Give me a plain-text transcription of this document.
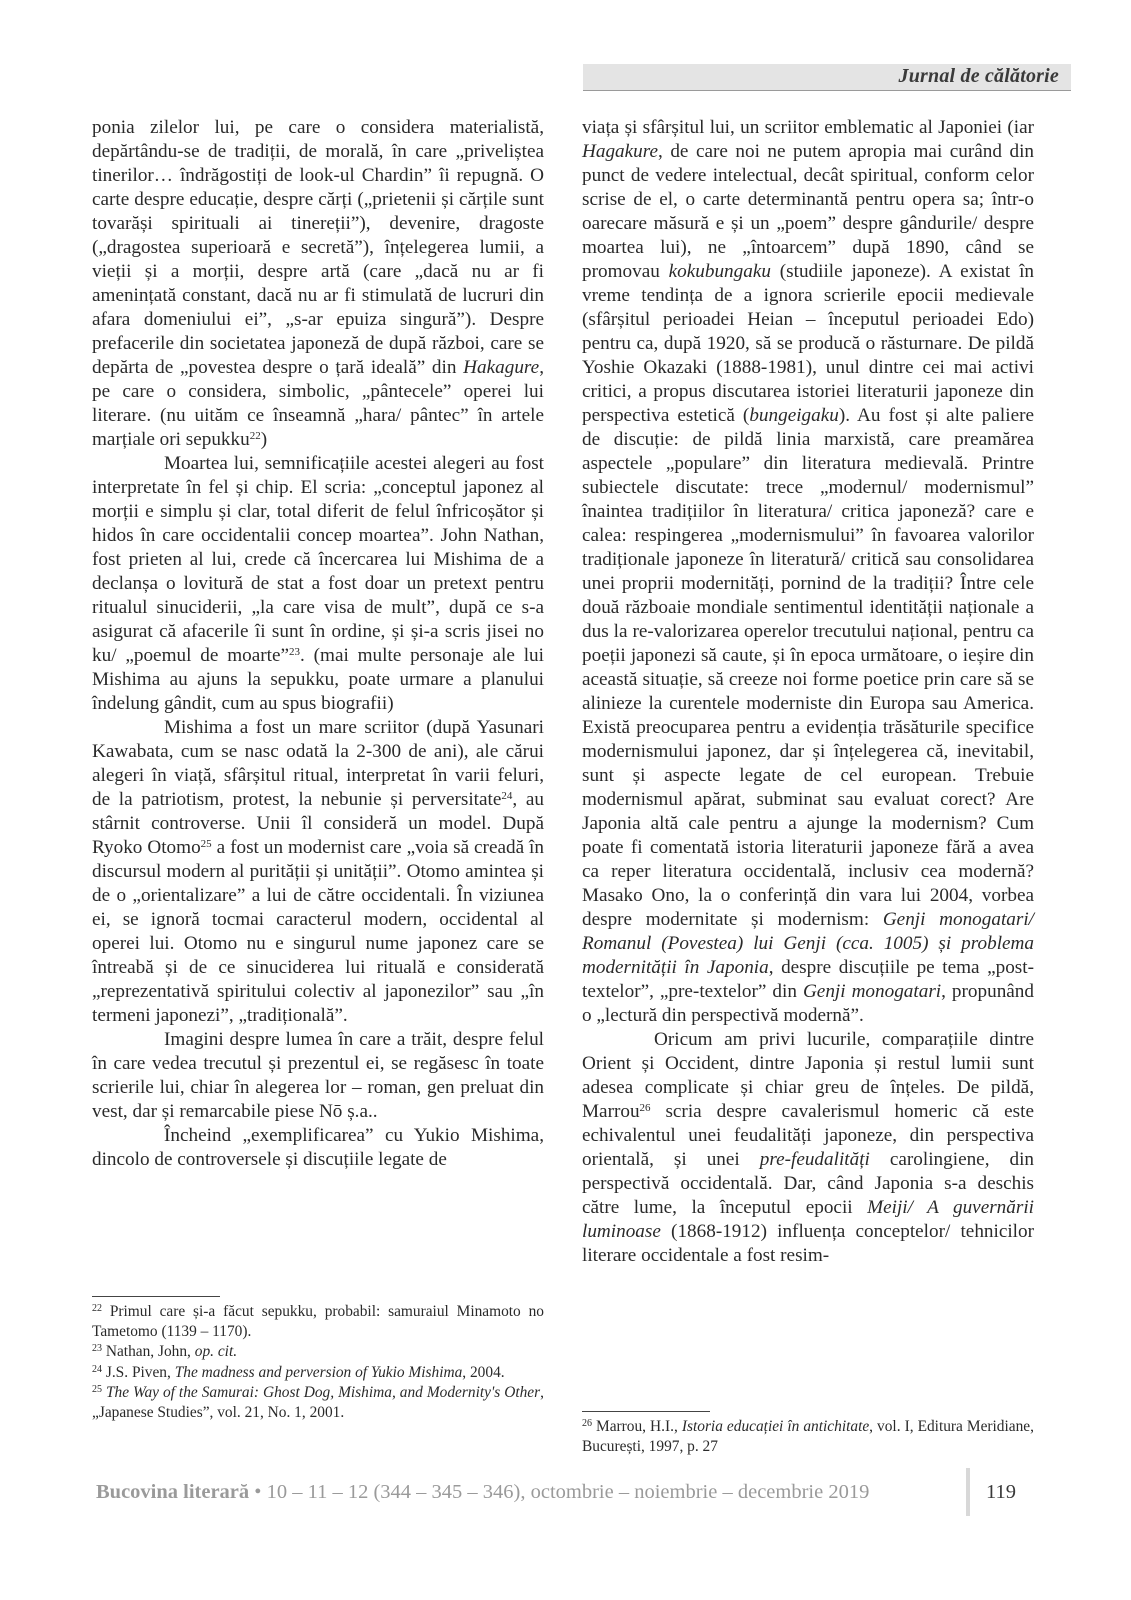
Jurnal de călătorie

ponia zilelor lui, pe care o considera materialistă, depărtându-se de tradiții, de morală, în care „priveliștea tinerilor… îndrăgostiți de look-ul Chardin” îi repugnă. O carte despre educație, despre cărți („prietenii și cărțile sunt tovarăși spirituali ai tinereții”), devenire, dragoste („dragostea superioară e secretă”), înțelegerea lumii, a vieții și a morții, despre artă (care „dacă nu ar fi amenințată constant, dacă nu ar fi stimulată de lucruri din afara domeniului ei”, „s-ar epuiza singură”). Despre prefacerile din societatea japoneză de după război, care se depărta de „povestea despre o țară ideală” din Hakagure, pe care o considera, simbolic, „pântecele” operei lui literare. (nu uităm ce înseamnă „hara/ pântec” în artele marțiale ori sepukku$^{22}$)

Moartea lui, semnificațiile acestei alegeri au fost interpretate în fel și chip. El scria: „conceptul japonez al morții e simplu și clar, total diferit de felul înfricoșător și hidos în care occidentalii concep moartea”. John Nathan, fost prieten al lui, crede că încercarea lui Mishima de a declanșa o lovitură de stat a fost doar un pretext pentru ritualul sinuciderii, „la care visa de mult”, după ce s-a asigurat că afacerile îi sunt în ordine, și și-a scris jisei no ku/ „poemul de moarte”$^{23}$. (mai multe personaje ale lui Mishima au ajuns la sepukku, poate urmare a planului îndelung gândit, cum au spus biografii)

Mishima a fost un mare scriitor (după Yasunari Kawabata, cum se nasc odată la 2-300 de ani), ale cărui alegeri în viață, sfârșitul ritual, interpretat în varii feluri, de la patriotism, protest, la nebunie și perversitate$^{24}$, au stârnit controverse. Unii îl consideră un model. După Ryoko Otomo$^{25}$ a fost un modernist care „voia să creadă în discursul modern al purității și unității”. Otomo amintea și de o „orientalizare” a lui de către occidentali. În viziunea ei, se ignoră tocmai caracterul modern, occidental al operei lui. Otomo nu e singurul nume japonez care se întreabă și de ce sinuciderea lui rituală e considerată „reprezentativă spiritului colectiv al japonezilor” sau „în termeni japonezi”, „tradițională”.

Imagini despre lumea în care a trăit, despre felul în care vedea trecutul și prezentul ei, se regăsesc în toate scrierile lui, chiar în alegerea lor – roman, gen preluat din vest, dar și remarcabile piese Nō ș.a..

Încheind „exemplificarea” cu Yukio Mishima, dincolo de controversele și discuțiile legate de

$^{22}$ Primul care și-a făcut sepukku, probabil: samuraiul Minamoto no Tametomo (1139 – 1170).

$^{23}$ Nathan, John, op. cit.

$^{24}$ J.S. Piven, The madness and perversion of Yukio Mishima, 2004.

$^{25}$ The Way of the Samurai: Ghost Dog, Mishima, and Modernity's Other, „Japanese Studies”, vol. 21, No. 1, 2001.

viața și sfârșitul lui, un scriitor emblematic al Japoniei (iar Hagakure, de care noi ne putem apropia mai curând din punct de vedere intelectual, decât spiritual, conform celor scrise de el, o carte determinantă pentru opera sa; într-o oarecare măsură e și un „poem” despre gândurile/ despre moartea lui), ne „întoarcem” după 1890, când se promovau kokubungaku (studiile japoneze). A existat în vreme tendința de a ignora scrierile epocii medievale (sfârșitul perioadei Heian – începutul perioadei Edo) pentru ca, după 1920, să se producă o răsturnare. De pildă Yoshie Okazaki (1888-1981), unul dintre cei mai activi critici, a propus discutarea istoriei literaturii japoneze din perspectiva estetică (bungeigaku). Au fost și alte paliere de discuție: de pildă linia marxistă, care preamărea aspectele „populare” din literatura medievală. Printre subiectele discutate: trece „modernul/ modernismul” înaintea tradițiilor în literatura/ critica japoneză? care e calea: respingerea „modernismului” în favoarea valorilor tradiționale japoneze în literatură/ critică sau consolidarea unei proprii modernități, pornind de la tradiții? Între cele două războaie mondiale sentimentul identității naționale a dus la re-valorizarea operelor trecutului național, pentru ca poeții japonezi să caute, și în epoca următoare, o ieșire din această situație, să creeze noi forme poetice prin care să se alinieze la curentele moderniste din Europa sau America. Există preocuparea pentru a evidenția trăsăturile specifice modernismului japonez, dar și înțelegerea că, inevitabil, sunt și aspecte legate de cel european. Trebuie modernismul apărat, subminat sau evaluat corect? Are Japonia altă cale pentru a ajunge la modernism? Cum poate fi comentată istoria literaturii japoneze fără a avea ca reper literatura occidentală, inclusiv cea modernă? Masako Ono, la o conferință din vara lui 2004, vorbea despre modernitate și modernism: Genji monogatari/ Romanul (Povestea) lui Genji (cca. 1005) și problema modernității în Japonia, despre discuțiile pe tema „post-textelor”, „pre-textelor” din Genji monogatari, propunând o „lectură din perspectivă modernă”.

Oricum am privi lucurile, comparațiile dintre Orient și Occident, dintre Japonia și restul lumii sunt adesea complicate și chiar greu de înțeles. De pildă, Marrou$^{26}$ scria despre cavalerismul homeric că este echivalentul unei feudalități japoneze, din perspectiva orientală, și unei pre-feudalități carolingiene, din perspectivă occidentală. Dar, când Japonia s-a deschis către lume, la începutul epocii Meiji/ A guvernării luminoase (1868-1912) influența conceptelor/ tehnicilor literare occidentale a fost resim-

$^{26}$ Marrou, H.I., Istoria educației în antichitate, vol. I, Editura Meridiane, București, 1997, p. 27

Bucovina literară • 10 – 11 – 12 (344 – 345 – 346), octombrie – noiembrie – decembrie 2019	119
